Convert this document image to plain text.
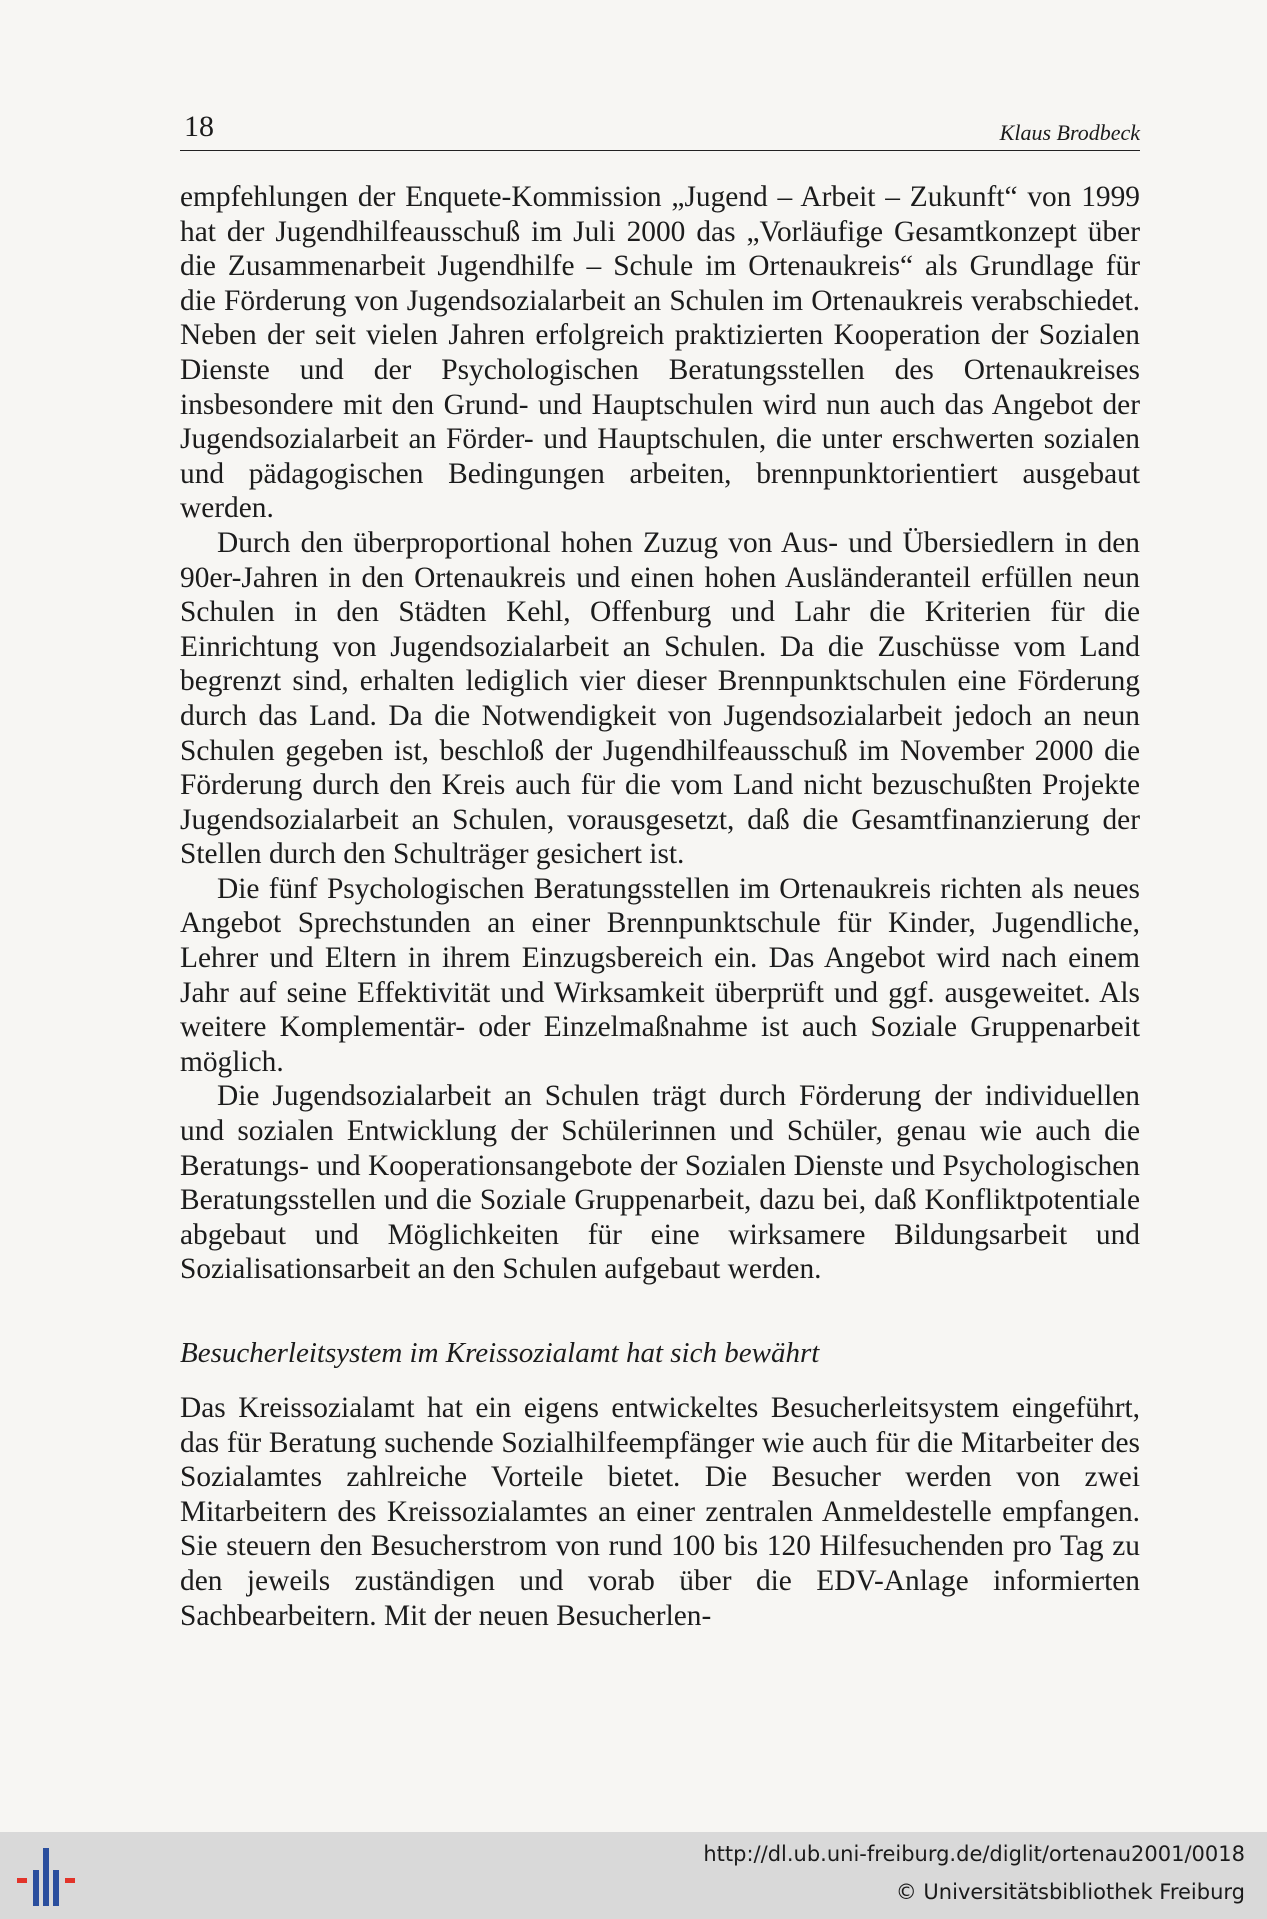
18	Klaus Brodbeck

empfehlungen der Enquete-Kommission „Jugend – Arbeit – Zukunft“ von 1999 hat der Jugendhilfeausschuß im Juli 2000 das „Vorläufige Gesamtkonzept über die Zusammenarbeit Jugendhilfe – Schule im Ortenaukreis“ als Grundlage für die Förderung von Jugendsozialarbeit an Schulen im Ortenaukreis verabschiedet. Neben der seit vielen Jahren erfolgreich praktizierten Kooperation der Sozialen Dienste und der Psychologischen Beratungsstellen des Ortenaukreises insbesondere mit den Grund- und Hauptschulen wird nun auch das Angebot der Jugendsozialarbeit an Förder- und Hauptschulen, die unter erschwerten sozialen und pädagogischen Bedingungen arbeiten, brennpunktorientiert ausgebaut werden.

Durch den überproportional hohen Zuzug von Aus- und Übersiedlern in den 90er-Jahren in den Ortenaukreis und einen hohen Ausländeranteil erfüllen neun Schulen in den Städten Kehl, Offenburg und Lahr die Kriterien für die Einrichtung von Jugendsozialarbeit an Schulen. Da die Zuschüsse vom Land begrenzt sind, erhalten lediglich vier dieser Brennpunktschulen eine Förderung durch das Land. Da die Notwendigkeit von Jugendsozialarbeit jedoch an neun Schulen gegeben ist, beschloß der Jugendhilfeausschuß im November 2000 die Förderung durch den Kreis auch für die vom Land nicht bezuschußten Projekte Jugendsozialarbeit an Schulen, vorausgesetzt, daß die Gesamtfinanzierung der Stellen durch den Schulträger gesichert ist.

Die fünf Psychologischen Beratungsstellen im Ortenaukreis richten als neues Angebot Sprechstunden an einer Brennpunktschule für Kinder, Jugendliche, Lehrer und Eltern in ihrem Einzugsbereich ein. Das Angebot wird nach einem Jahr auf seine Effektivität und Wirksamkeit überprüft und ggf. ausgeweitet. Als weitere Komplementär- oder Einzelmaßnahme ist auch Soziale Gruppenarbeit möglich.

Die Jugendsozialarbeit an Schulen trägt durch Förderung der individuellen und sozialen Entwicklung der Schülerinnen und Schüler, genau wie auch die Beratungs- und Kooperationsangebote der Sozialen Dienste und Psychologischen Beratungsstellen und die Soziale Gruppenarbeit, dazu bei, daß Konfliktpotentiale abgebaut und Möglichkeiten für eine wirksamere Bildungsarbeit und Sozialisationsarbeit an den Schulen aufgebaut werden.

Besucherleitsystem im Kreissozialamt hat sich bewährt

Das Kreissozialamt hat ein eigens entwickeltes Besucherleitsystem eingeführt, das für Beratung suchende Sozialhilfeempfänger wie auch für die Mitarbeiter des Sozialamtes zahlreiche Vorteile bietet. Die Besucher werden von zwei Mitarbeitern des Kreissozialamtes an einer zentralen Anmeldestelle empfangen. Sie steuern den Besucherstrom von rund 100 bis 120 Hilfesuchenden pro Tag zu den jeweils zuständigen und vorab über die EDV-Anlage informierten Sachbearbeitern. Mit der neuen Besucherlen-

http://dl.ub.uni-freiburg.de/diglit/ortenau2001/0018
© Universitätsbibliothek Freiburg
